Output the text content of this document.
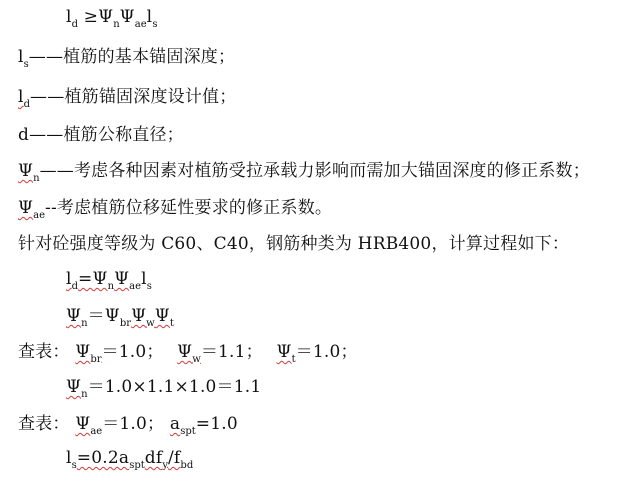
$l_d \ge\Psi_n\Psi_{ae}l_s$
$l_s——$植筋的基本锚固深度；
$l_d——$植筋锚固深度设计值；
d——植筋公称直径；
$\Psi_n——$考虑各种因素对植筋受拉承载力影响而需加大锚固深度的修正系数；
$\Psi_{ae}--$考虑植筋位移延性要求的修正系数。
针对砼强度等级为 C60、C40，钢筋种类为 HRB400，计算过程如下：
$l_d=\Psi_n\Psi_{ae}l_s$
$\Psi_n=\Psi_{br}\Psi_w\Psi_t$
查表： $\Psi_{br}=1.0$； $\Psi_w=1.1$； $\Psi_t=1.0$；
$\Psi_n=1.0\times 1.1\times 1.0=1.1$
查表： $\Psi_{ae}=1.0$； $a_{spt}=1.0$
$l_s=0.2a_{spt}df_y/f_{bd}$
